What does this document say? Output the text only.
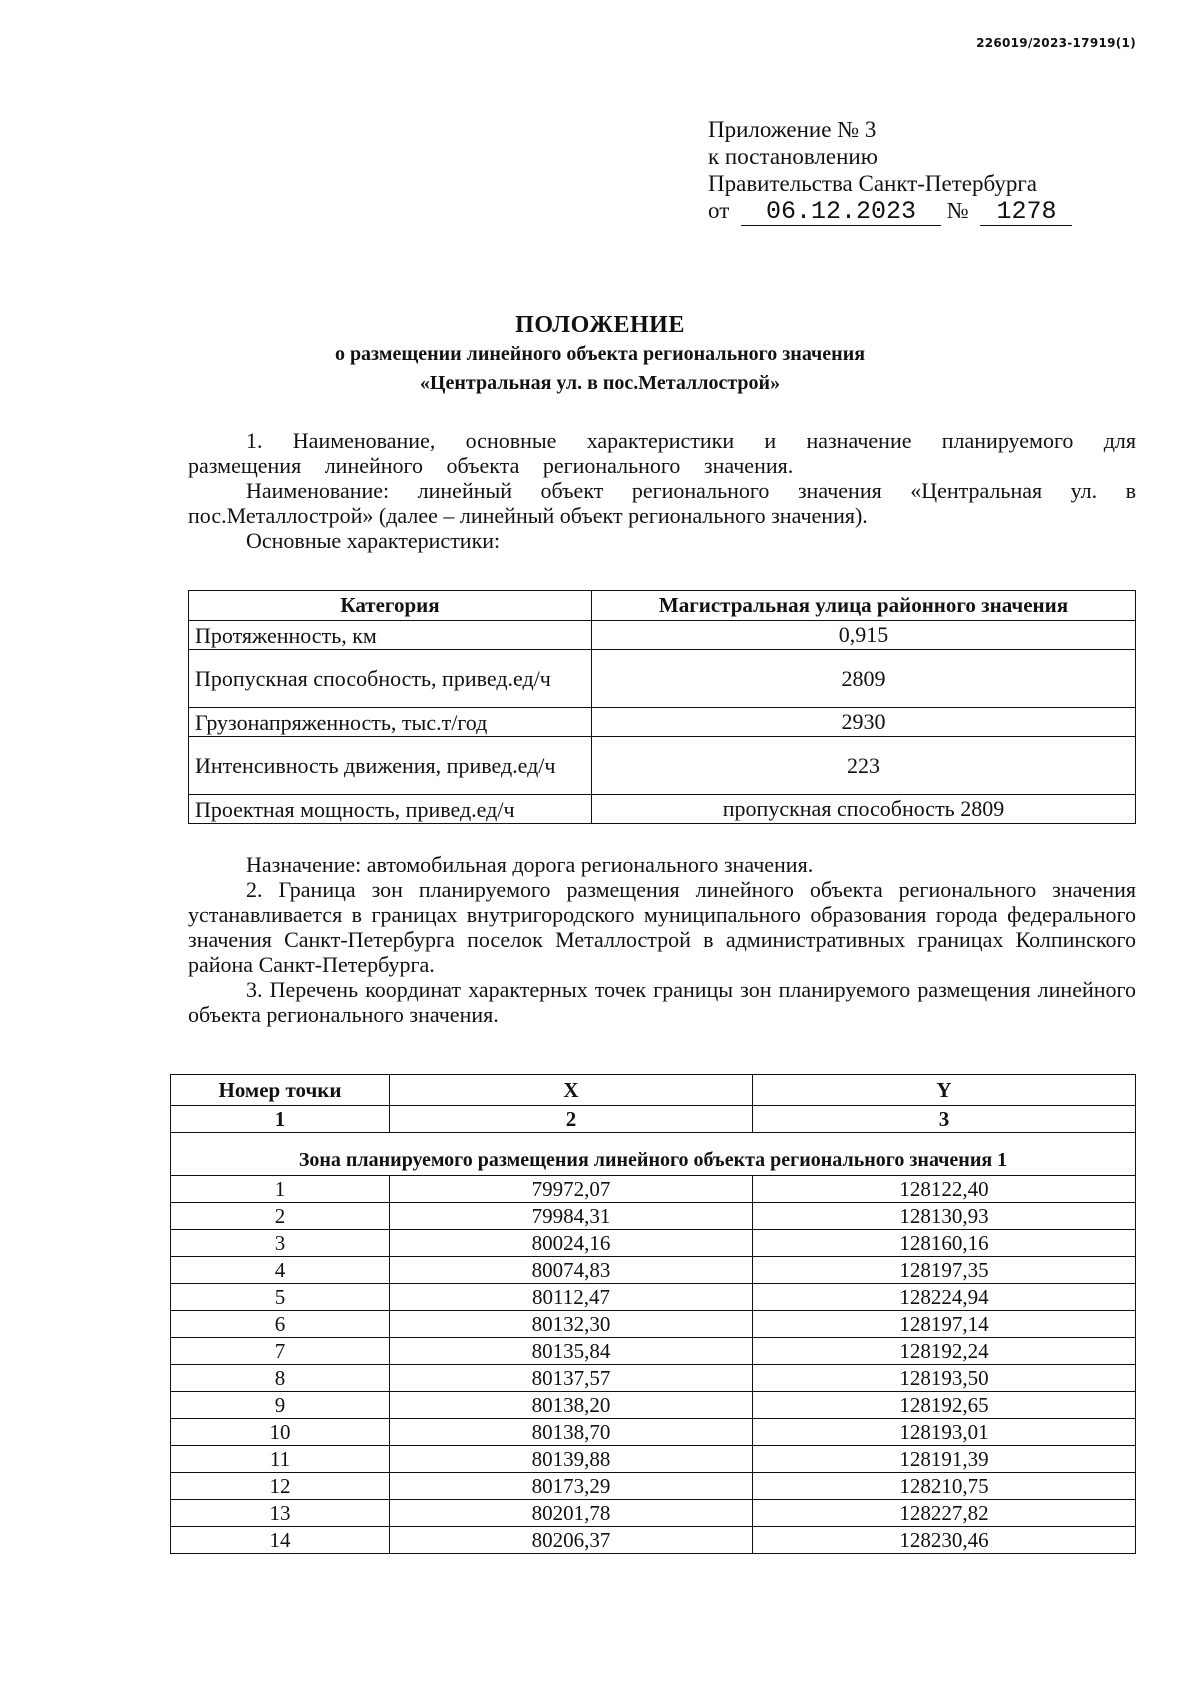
226019/2023-17919(1)
Приложение № 3
к постановлению
Правительства Санкт-Петербурга
от 06.12.2023 № 1278
ПОЛОЖЕНИЕ
о размещении линейного объекта регионального значения
«Центральная ул. в пос.Металлострой»

1. Наименование, основные характеристики и назначение планируемого для размещения линейного объекта регионального значения.

Наименование: линейный объект регионального значения «Центральная ул. в пос.Металлострой» (далее – линейный объект регионального значения).

Основные характеристики:

Категория	Магистральная улица районного значения
Протяженность, км	0,915
Пропускная способность, привед.ед/ч	2809
Грузонапряженность, тыс.т/год	2930
Интенсивность движения, привед.ед/ч	223
Проектная мощность, привед.ед/ч	пропускная способность 2809

Назначение: автомобильная дорога регионального значения.

2. Граница зон планируемого размещения линейного объекта регионального значения устанавливается в границах внутригородского муниципального образования города федерального значения Санкт-Петербурга поселок Металлострой в административных границах Колпинского района Санкт-Петербурга.

3. Перечень координат характерных точек границы зон планируемого размещения линейного объекта регионального значения.

Номер точки	X	Y
1	2	3
Зона планируемого размещения линейного объекта регионального значения 1		
1	79972,07	128122,40
2	79984,31	128130,93
3	80024,16	128160,16
4	80074,83	128197,35
5	80112,47	128224,94
6	80132,30	128197,14
7	80135,84	128192,24
8	80137,57	128193,50
9	80138,20	128192,65
10	80138,70	128193,01
11	80139,88	128191,39
12	80173,29	128210,75
13	80201,78	128227,82
14	80206,37	128230,46
